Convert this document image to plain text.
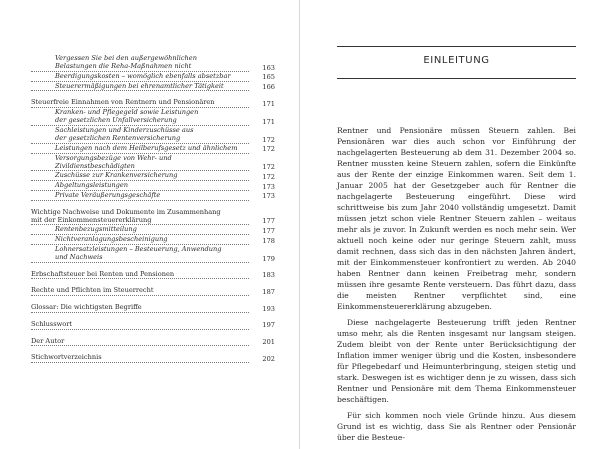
Vergessen Sie bei den außergewöhnlichen
Belastungen die Reha-Maßnahmen nicht	163
Beerdigungskosten – womöglich ebenfalls absetzbar	165
Steuerermäßigungen bei ehrenamtlicher Tätigkeit	166
Steuerfreie Einnahmen von Rentnern und Pensionären	171
Kranken- und Pflegegeld sowie Leistungen
der gesetzlichen Unfallversicherung	171
Sachleistungen und Kinderzuschüsse aus
der gesetzlichen Rentenversicherung	172
Leistungen nach dem Heilberufsgesetz und ähnlichem	172
Versorgungsbezüge von Wehr- und Zivildienstbeschädigten	172
Zuschüsse zur Krankenversicherung	172
Abgeltungsleistungen	173
Private Veräußerungsgeschäfte	173
Wichtige Nachweise und Dokumente im Zusammenhang
mit der Einkommensteuererklärung	177
Rentenbezugsmitteilung	177
Nichtveranlagungsbescheinigung	178
Lohnersatzleistungen – Besteuerung, Anwendung
und Nachweis	179
Erbschaftsteuer bei Renten und Pensionen	183
Rechte und Pflichten im Steuerrecht	187
Glossar: Die wichtigsten Begriffe	193
Schlusswort	197
Der Autor	201
Stichwortverzeichnis	202
EINLEITUNG

Rentner und Pensionäre müssen Steuern zahlen. Bei Pensionären war dies auch schon vor Einführung der nachgelagerten Besteuerung ab dem 31. Dezember 2004 so. Rentner mussten keine Steuern zahlen, sofern die Einkünfte aus der Rente der einzige Einkommen waren. Seit dem 1. Januar 2005 hat der Gesetzgeber auch für Rentner die nachgelagerte Besteuerung eingeführt. Diese wird schrittweise bis zum Jahr 2040 vollständig umgesetzt. Damit müssen jetzt schon viele Rentner Steuern zahlen – weitaus mehr als je zuvor. In Zukunft werden es noch mehr sein. Wer aktuell noch keine oder nur geringe Steuern zahlt, muss damit rechnen, dass sich das in den nächsten Jahren ändert, mit der Einkommensteuer konfrontiert zu werden. Ab 2040 haben Rentner dann keinen Freibetrag mehr, sondern müssen ihre gesamte Rente versteuern. Das führt dazu, dass die meisten Rentner verpflichtet sind, eine Einkommensteuererklärung abzugeben.

Diese nachgelagerte Besteuerung trifft jeden Rentner umso mehr, als die Renten insgesamt nur langsam steigen. Zudem bleibt von der Rente unter Berücksichtigung der Inflation immer weniger übrig und die Kosten, insbesondere für Pflegebedarf und Heimunterbringung, steigen stetig und stark. Deswegen ist es wichtiger denn je zu wissen, dass sich Rentner und Pensionäre mit dem Thema Einkommensteuer beschäftigen.

Für sich kommen noch viele Gründe hinzu. Aus diesem Grund ist es wichtig, dass Sie als Rentner oder Pensionär über die Besteue-
